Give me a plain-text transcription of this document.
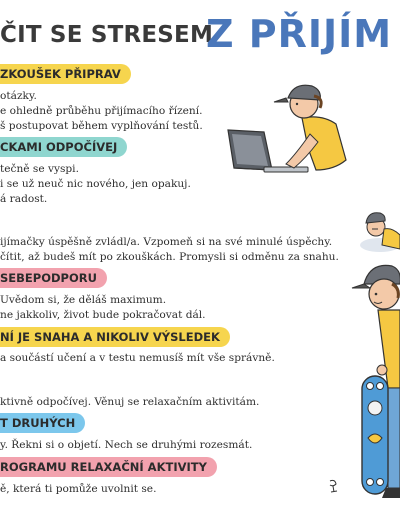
ČIT SE STRESEM
Z PŘIJÍM
ZKOUŠEK PŘIPRAV
otázky.
e ohledně průběhu přijímacího řízení.
š postupovat během vyplňování testů.
CKAMI ODPOČÍVEJ
tečně se vyspi.
i se už neuč nic nového, jen opakuj.
á radost.
ijímačky úspěšně zvládl/a. Vzpomeň si na své minulé úspěchy.
čítit, až budeš mít po zkouškách. Promysli si odměnu za snahu.
SEBEPODPORU
Uvědom si, že děláš maximum.
ne jakkoliv, život bude pokračovat dál.
NÍ JE SNAHA A NIKOLIV VÝSLEDEK
a součástí učení a v testu nemusíš mít vše správně.
ktivně odpočívej. Věnuj se relaxačním aktivitám.
T DRUHÝCH
y. Řekni si o objetí. Nech se druhými rozesmát.
ROGRAMU RELAXAČNÍ AKTIVITY
ě, která ti pomůže uvolnit se.
